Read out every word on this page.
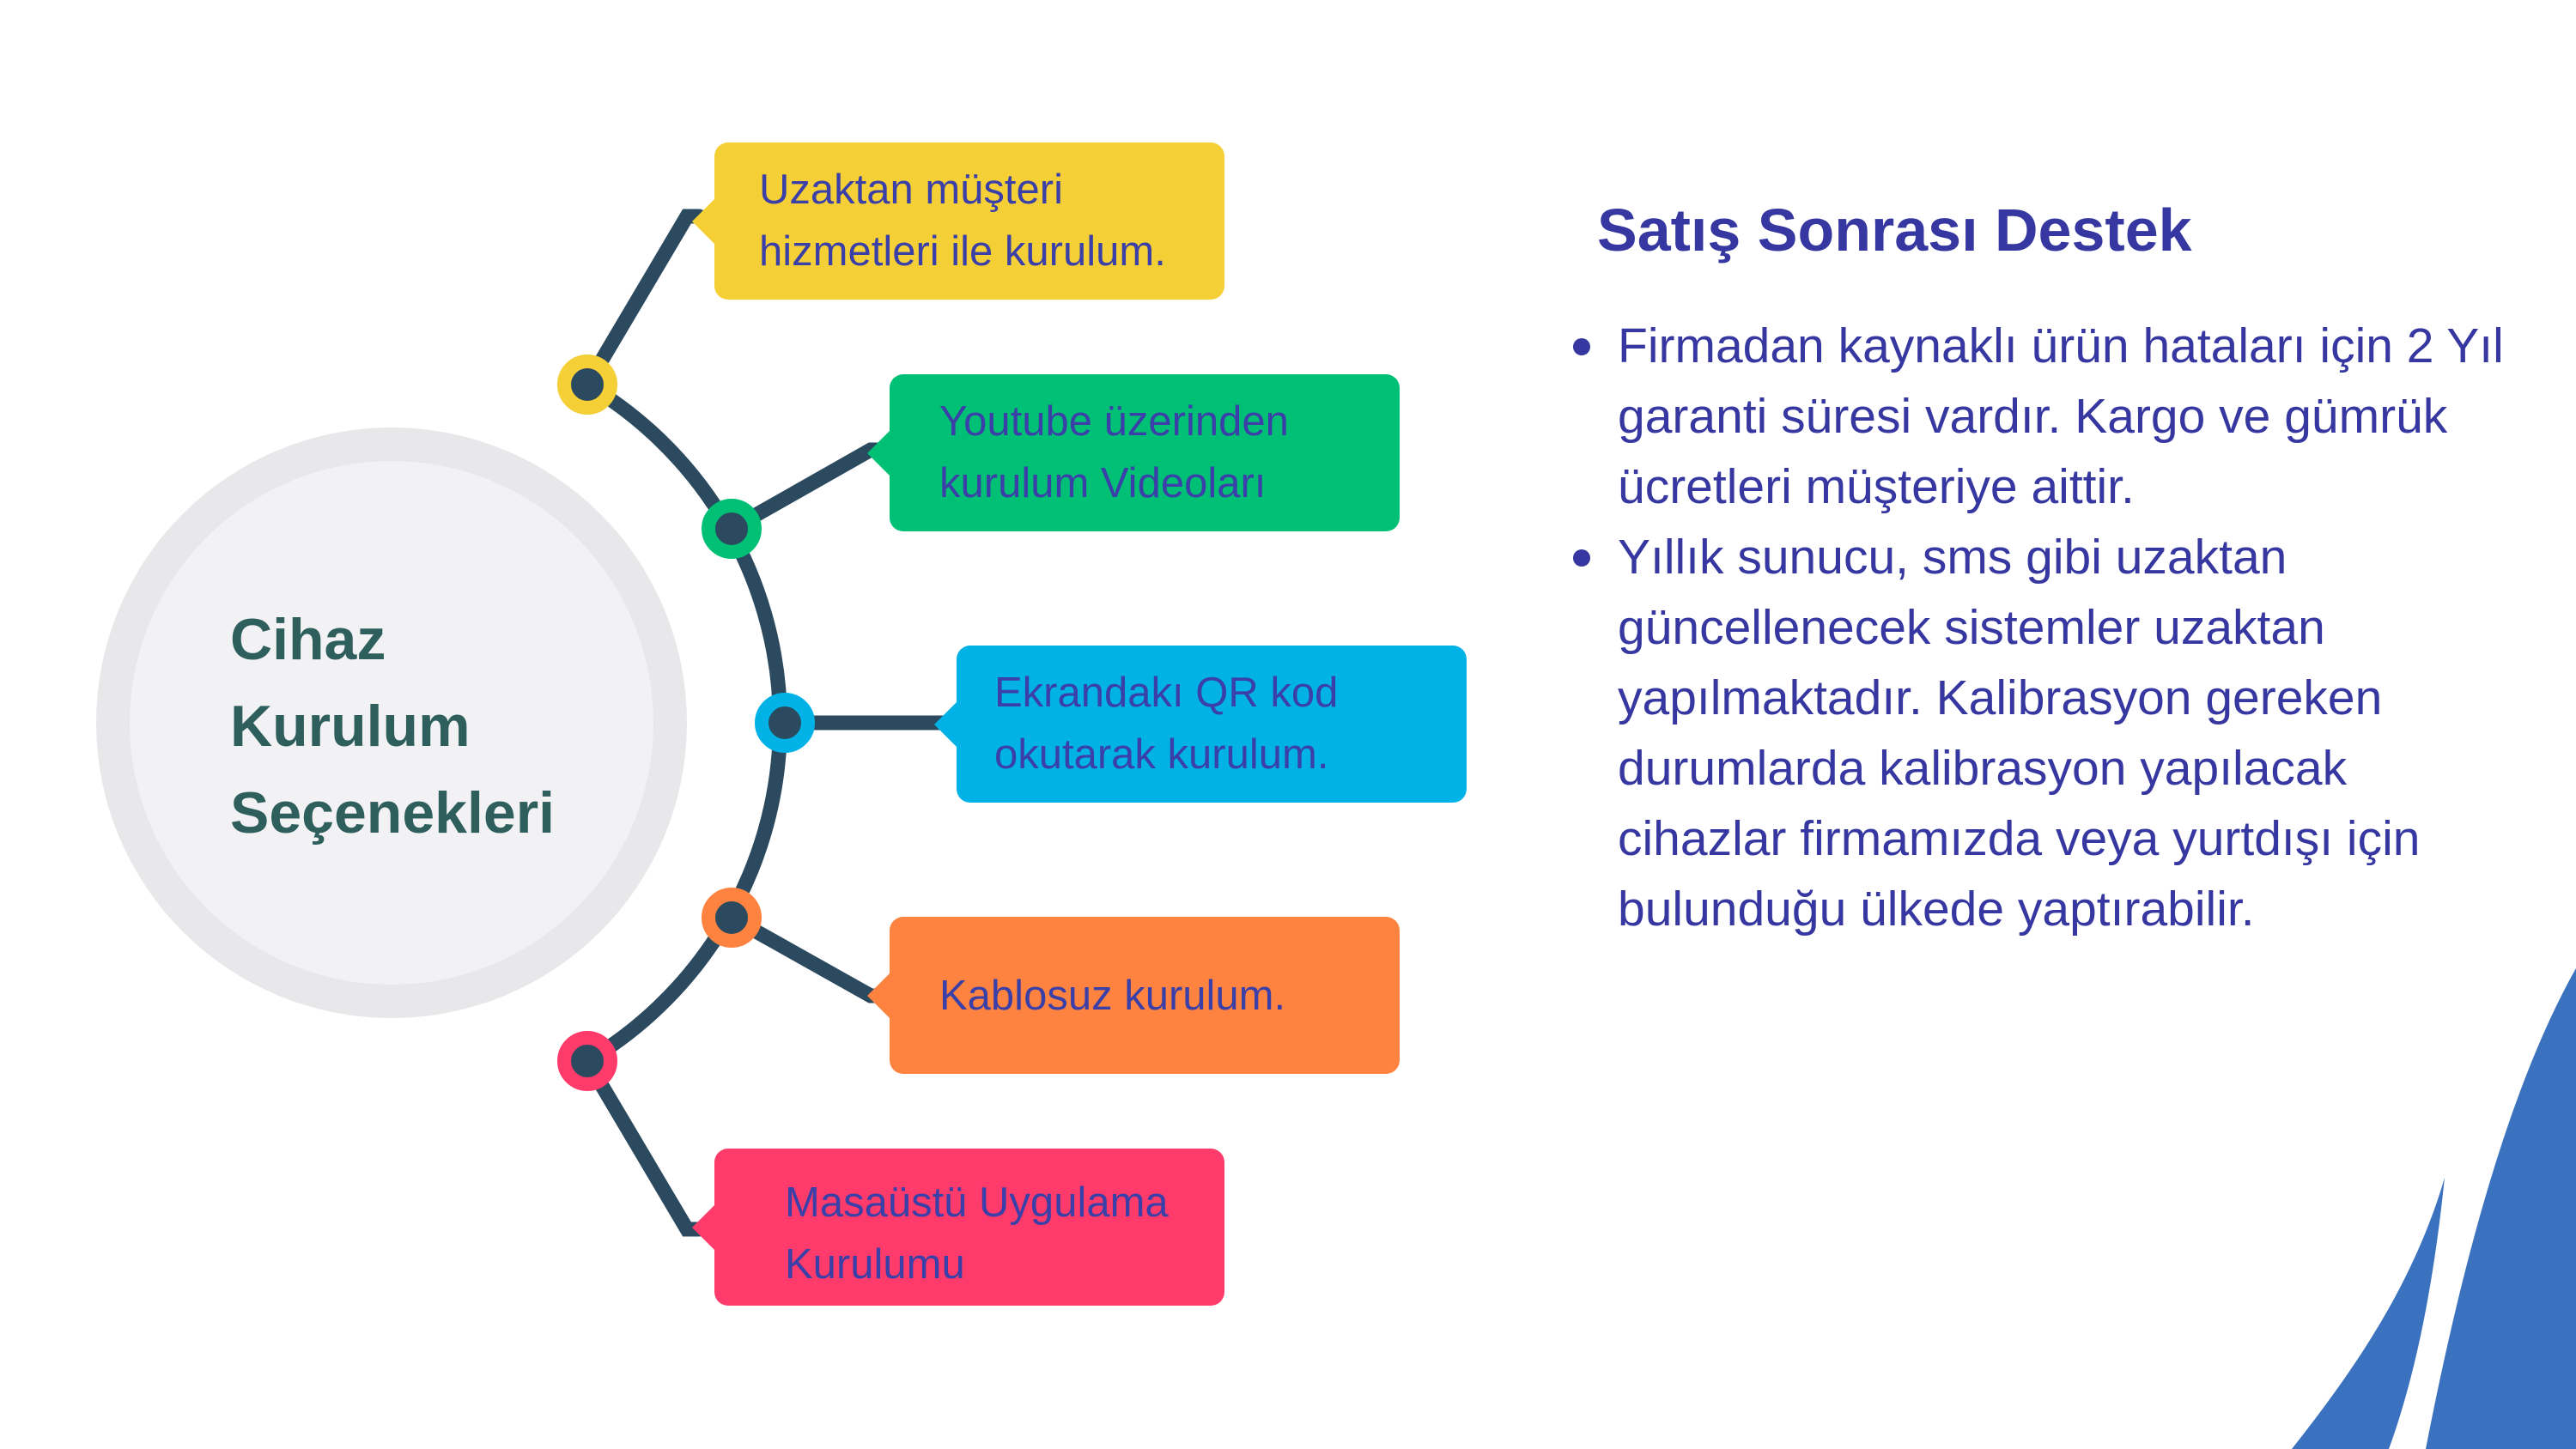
Cihaz
Kurulum
Seçenekleri
Uzaktan müşteri
hizmetleri ile kurulum.
Youtube üzerinden
kurulum Videoları
Ekrandakı QR kod
okutarak kurulum.
Kablosuz kurulum.
Masaüstü Uygulama
Kurulumu
Satış Sonrası Destek
Firmadan kaynaklı ürün hataları için 2 Yıl garanti süresi vardır. Kargo ve gümrük ücretleri müşteriye aittir.
Yıllık sunucu, sms gibi uzaktan güncellenecek sistemler uzaktan yapılmaktadır. Kalibrasyon gereken durumlarda kalibrasyon yapılacak cihazlar firmamızda veya yurtdışı için bulunduğu ülkede yaptırabilir.
